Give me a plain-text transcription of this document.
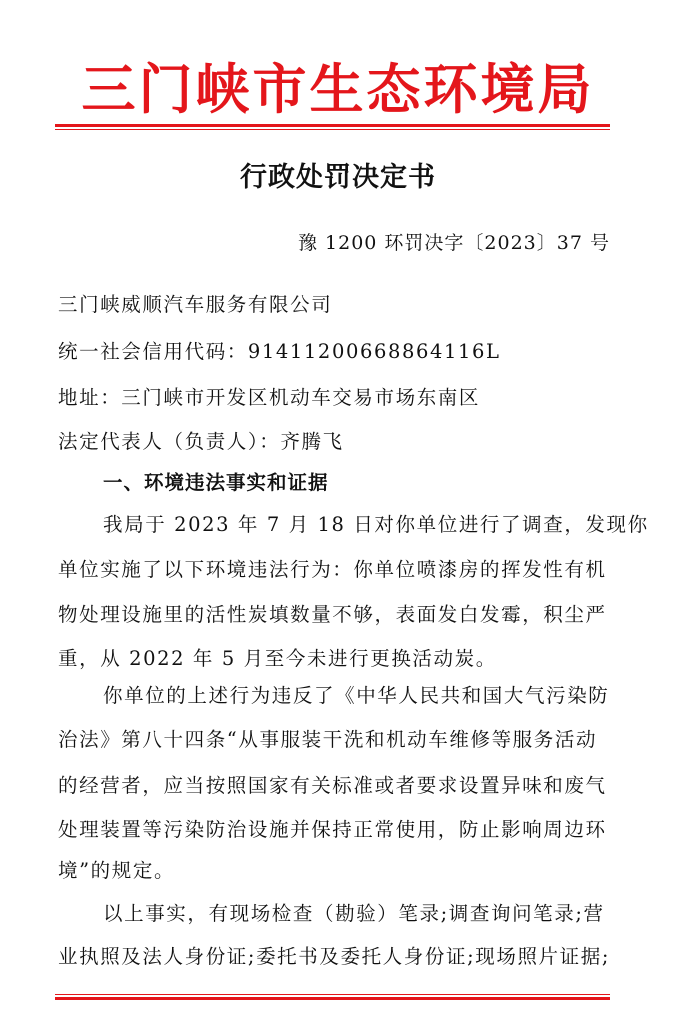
三门峡市生态环境局
行政处罚决定书
豫 1200 环罚决字〔2023〕37 号
三门峡威顺汽车服务有限公司
统一社会信用代码：91411200668864116L
地址：三门峡市开发区机动车交易市场东南区
法定代表人（负责人）：齐腾飞
一、环境违法事实和证据
我局于 2023 年 7 月 18 日对你单位进行了调查，发现你
单位实施了以下环境违法行为：你单位喷漆房的挥发性有机
物处理设施里的活性炭填数量不够，表面发白发霉，积尘严
重，从 2022 年 5 月至今未进行更换活动炭。
你单位的上述行为违反了《中华人民共和国大气污染防
治法》第八十四条“从事服装干洗和机动车维修等服务活动
的经营者，应当按照国家有关标准或者要求设置异味和废气
处理装置等污染防治设施并保持正常使用，防止影响周边环
境”的规定。
以上事实，有现场检查（勘验）笔录;调查询问笔录;营
业执照及法人身份证;委托书及委托人身份证;现场照片证据;
